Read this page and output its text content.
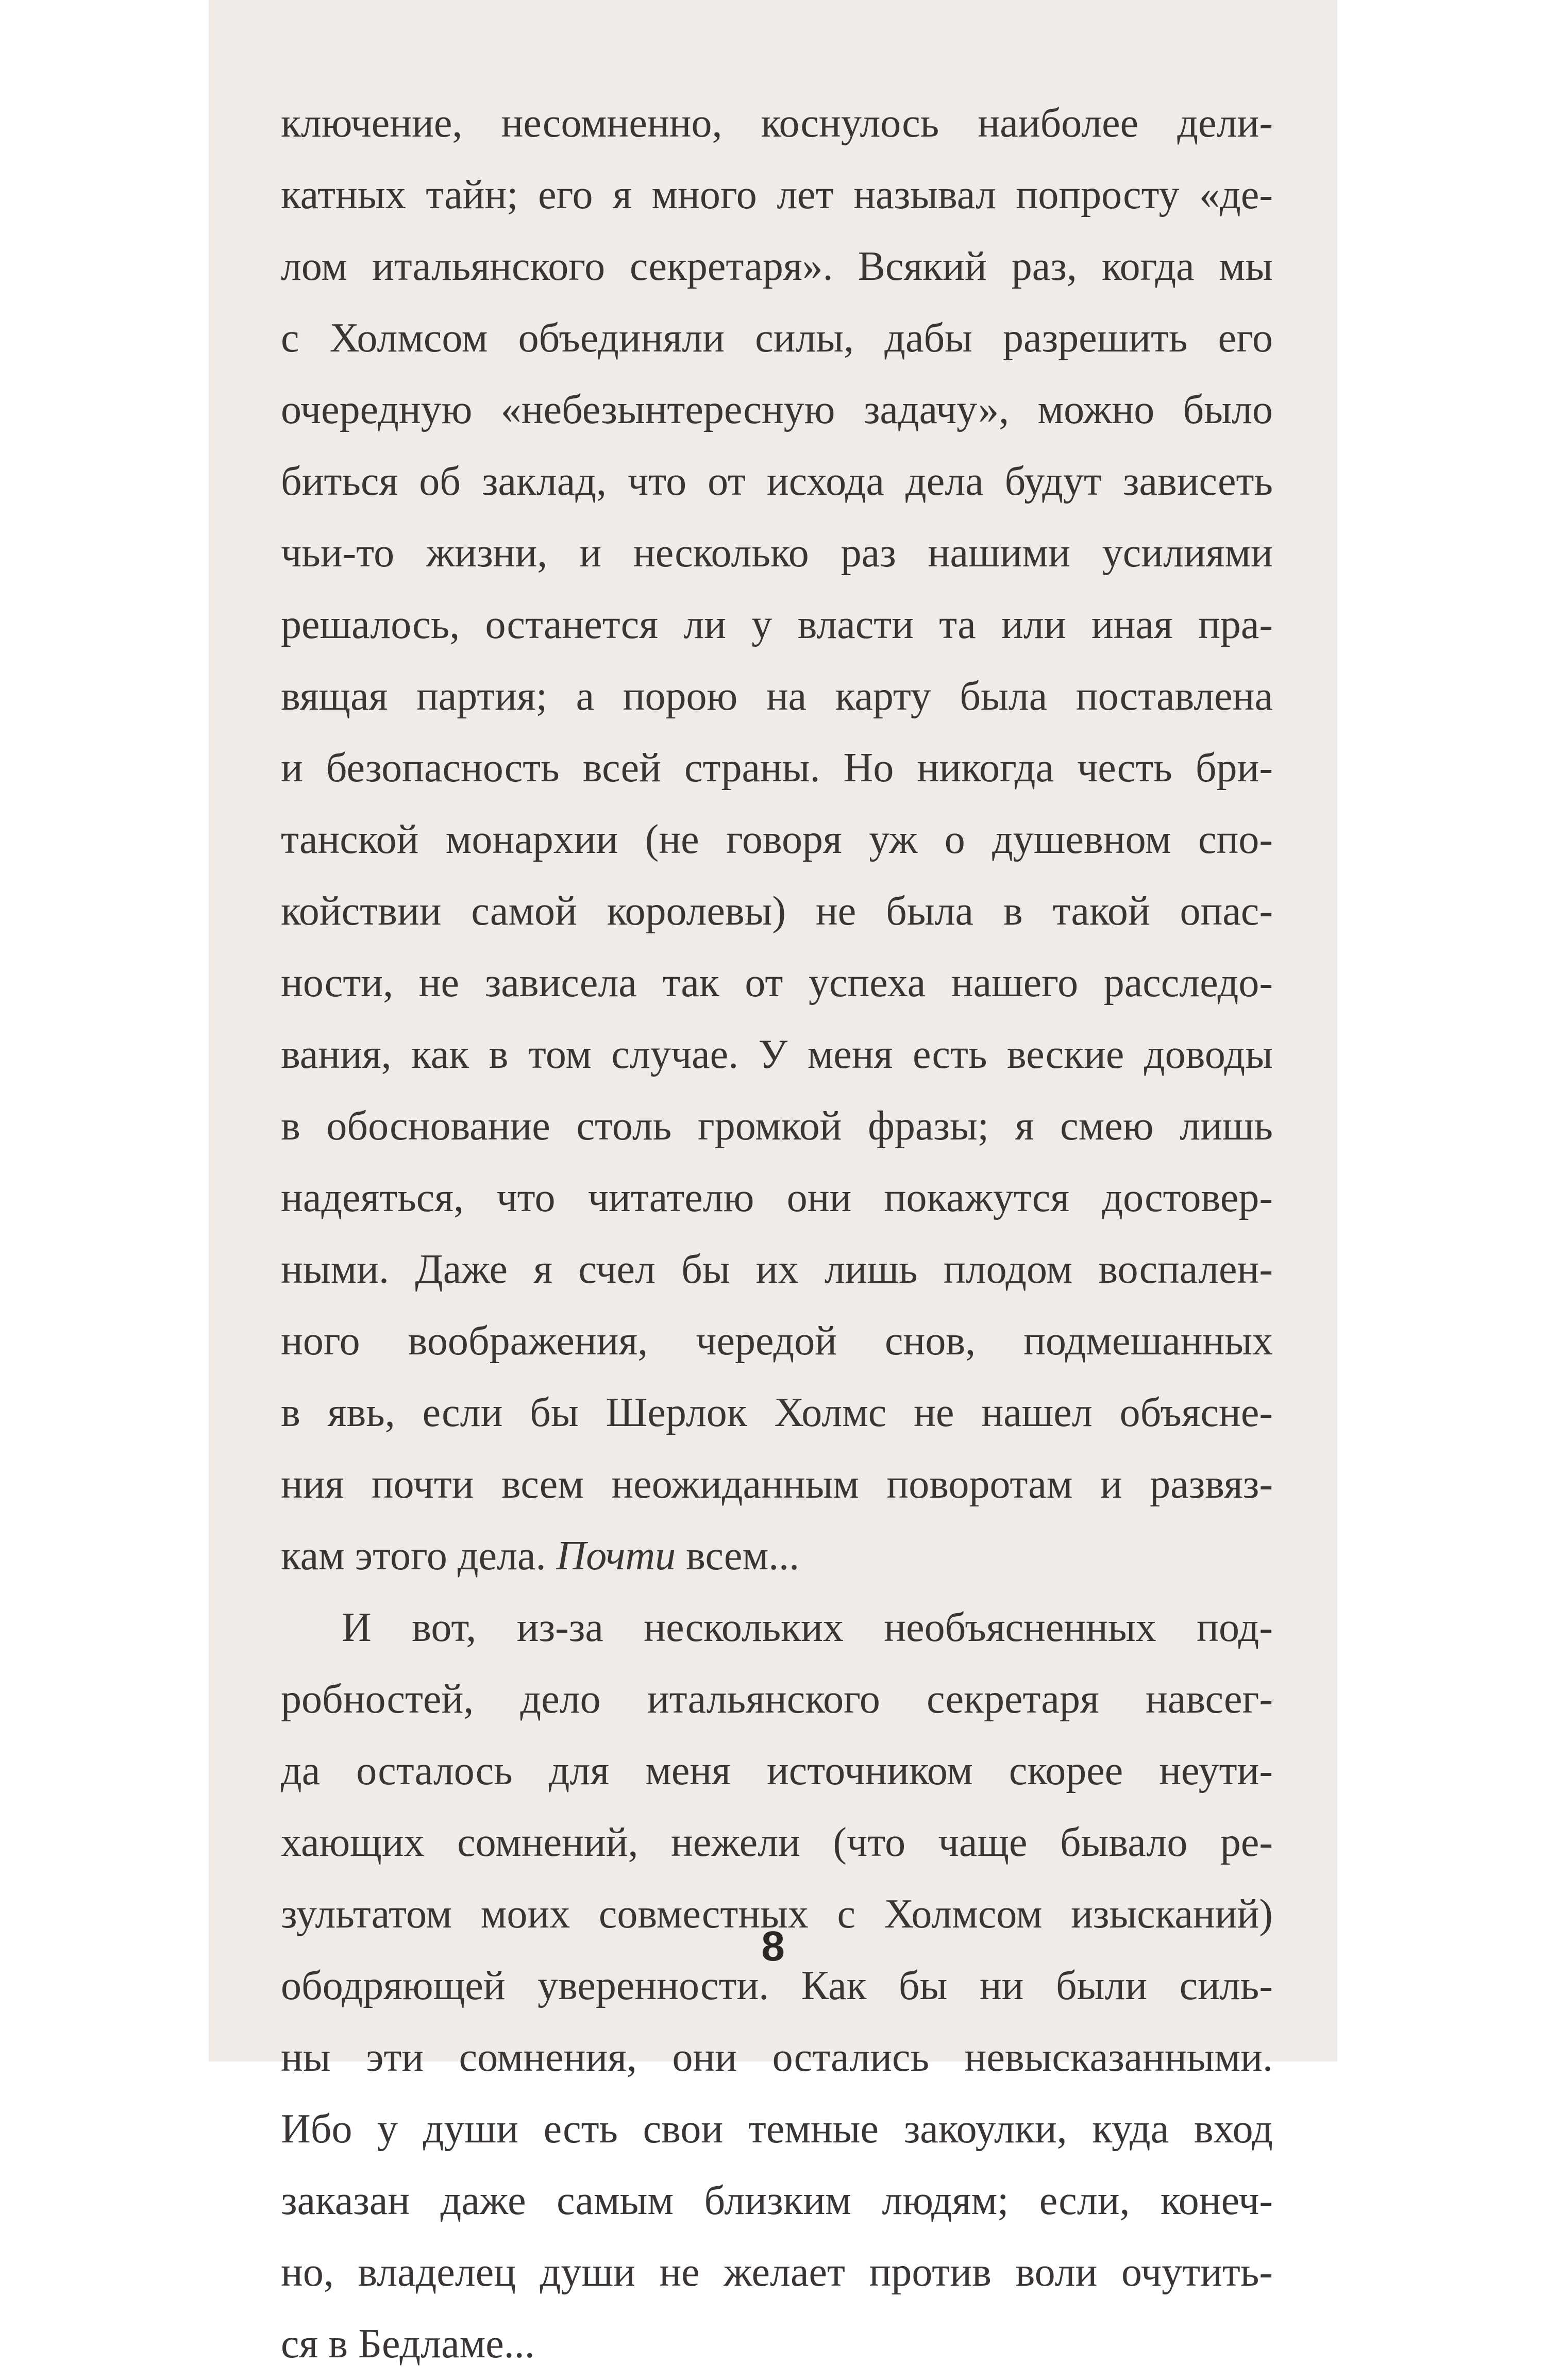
ключение, несомненно, коснулось наиболее дели-
катных тайн; его я много лет называл попросту «де-
лом итальянского секретаря». Всякий раз, когда мы
с Холмсом объединяли силы, дабы разрешить его
очередную «небезынтересную задачу», можно было
биться об заклад, что от исхода дела будут зависеть
чьи-то жизни, и несколько раз нашими усилиями
решалось, останется ли у власти та или иная пра-
вящая партия; а порою на карту была поставлена
и безопасность всей страны. Но никогда честь бри-
танской монархии (не говоря уж о душевном спо-
койствии самой королевы) не была в такой опас-
ности, не зависела так от успеха нашего расследо-
вания, как в том случае. У меня есть веские доводы
в обоснование столь громкой фразы; я смею лишь
надеяться, что читателю они покажутся достовер-
ными. Даже я счел бы их лишь плодом воспален-
ного воображения, чередой снов, подмешанных
в явь, если бы Шерлок Холмс не нашел объясне-
ния почти всем неожиданным поворотам и развяз-
кам этого дела. Почти всем...
И вот, из-за нескольких необъясненных под-
робностей, дело итальянского секретаря навсег-
да осталось для меня источником скорее неути-
хающих сомнений, нежели (что чаще бывало ре-
зультатом моих совместных с Холмсом изысканий)
ободряющей уверенности. Как бы ни были силь-
ны эти сомнения, они остались невысказанными.
Ибо у души есть свои темные закоулки, куда вход
заказан даже самым близким людям; если, конеч-
но, владелец души не желает против воли очутить-
ся в Бедламе...
8
